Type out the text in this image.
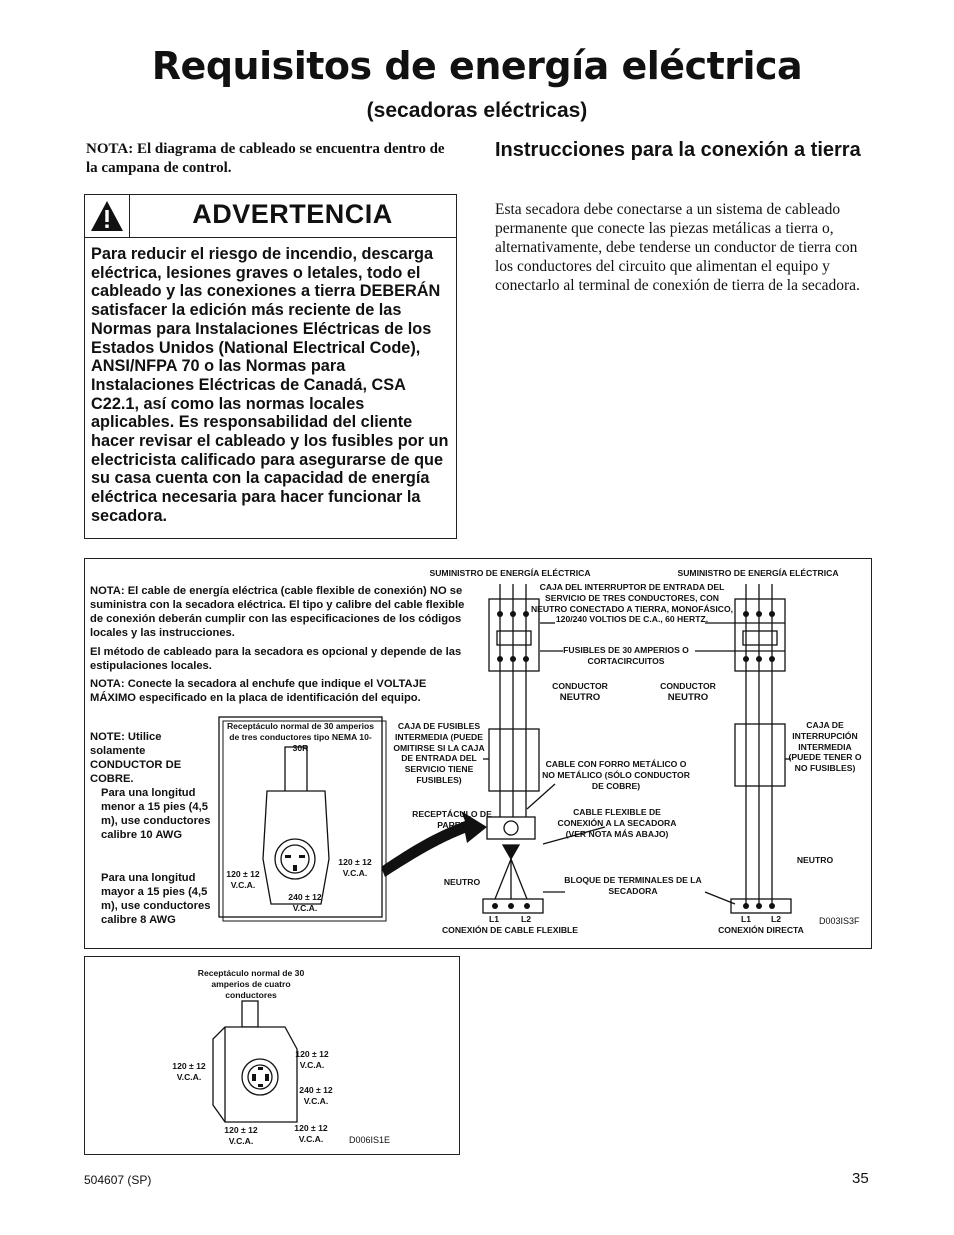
Requisitos de energía eléctrica
(secadoras eléctricas)
NOTA: El diagrama de cableado se encuentra dentro de la campana de control.
ADVERTENCIA
Para reducir el riesgo de incendio, descarga eléctrica, lesiones graves o letales, todo el cableado y las conexiones a tierra DEBERÁN satisfacer la edición más reciente de las Normas para Instalaciones Eléctricas de los Estados Unidos (National Electrical Code), ANSI/NFPA 70 o las Normas para Instalaciones Eléctricas de Canadá, CSA C22.1, así como las normas locales aplicables. Es responsabilidad del cliente hacer revisar el cableado y los fusibles por un electricista calificado para asegurarse de que su casa cuenta con la capacidad de energía eléctrica necesaria para hacer funcionar la secadora.
Instrucciones para la conexión a tierra
Esta secadora debe conectarse a un sistema de cableado permanente que conecte las piezas metálicas a tierra o, alternativamente, debe tenderse un conductor de tierra con los conductores del circuito que alimentan el equipo y conectarlo al terminal de conexión de tierra de la secadora.
NOTA: El cable de energía eléctrica (cable flexible de conexión) NO se suministra con la secadora eléctrica. El tipo y calibre del cable flexible de conexión deberán cumplir con las especificaciones de los códigos locales y las instrucciones.
El método de cableado para la secadora es opcional y depende de las estipulaciones locales.
NOTA: Conecte la secadora al enchufe que indique el VOLTAJE MÁXIMO especificado en la placa de identificación del equipo.
NOTE: Utilice solamente
CONDUCTOR DE COBRE.
Para una longitud menor a 15 pies (4,5 m), use conductores calibre 10 AWG
Para una longitud mayor a 15 pies (4,5 m), use conductores calibre 8 AWG
Receptáculo normal de 30 amperios de tres conductores tipo NEMA 10-30R
120 ± 12 V.C.A.
120 ± 12 V.C.A.
240 ± 12 V.C.A.
SUMINISTRO DE ENERGÍA ELÉCTRICA	SUMINISTRO DE ENERGÍA ELÉCTRICA
CAJA DEL INTERRUPTOR DE ENTRADA DEL SERVICIO DE TRES CONDUCTORES, CON NEUTRO CONECTADO A TIERRA, MONOFÁSICO, 120/240 VOLTIOS DE C.A., 60 HERTZ.
FUSIBLES DE 30 AMPERIOS O CORTACIRCUITOS
CONDUCTOR
NEUTRO
CONDUCTOR
NEUTRO
CAJA DE FUSIBLES INTERMEDIA (PUEDE OMITIRSE SI LA CAJA DE ENTRADA DEL SERVICIO TIENE FUSIBLES)
CAJA DE INTERRUPCIÓN INTERMEDIA (PUEDE TENER O NO FUSIBLES)
CABLE CON FORRO METÁLICO O NO METÁLICO (SÓLO CONDUCTOR DE COBRE)
RECEPTÁCULO DE PARED
CABLE FLEXIBLE DE CONEXIÓN A LA SECADORA (VER NOTA MÁS ABAJO)
NEUTRO
NEUTRO
BLOQUE DE TERMINALES DE LA SECADORA
L1	L2	L1	L2
CONEXIÓN DE CABLE FLEXIBLE	CONEXIÓN DIRECTA
D003IS3F
Receptáculo normal de 30 amperios de cuatro conductores
120 ± 12 V.C.A.
120 ± 12 V.C.A.
240 ± 12 V.C.A.
120 ± 12 V.C.A.
120 ± 12 V.C.A.	D006IS1E
504607 (SP)	35
